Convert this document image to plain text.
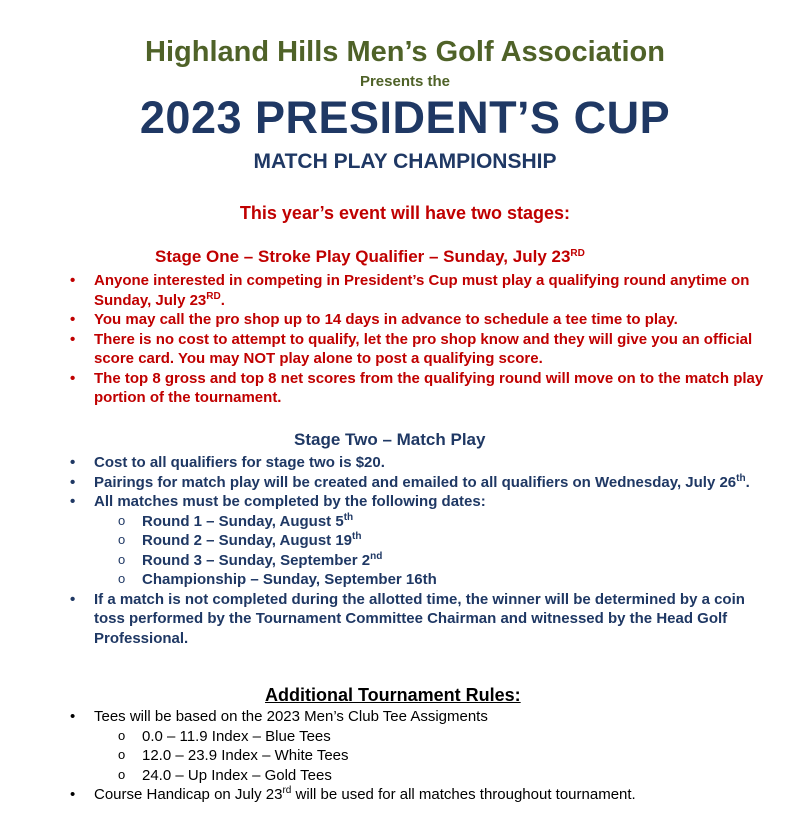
Highland Hills Men’s Golf Association

Presents the

2023 PRESIDENT’S CUP

MATCH PLAY CHAMPIONSHIP

This year’s event will have two stages:

Stage One – Stroke Play Qualifier – Sunday, July 23RD

• Anyone interested in competing in President’s Cup must play a qualifying round anytime on Sunday, July 23RD.
• You may call the pro shop up to 14 days in advance to schedule a tee time to play.
• There is no cost to attempt to qualify, let the pro shop know and they will give you an official score card. You may NOT play alone to post a qualifying score.
• The top 8 gross and top 8 net scores from the qualifying round will move on to the match play portion of the tournament.

Stage Two – Match Play

• Cost to all qualifiers for stage two is $20.
• Pairings for match play will be created and emailed to all qualifiers on Wednesday, July 26th.
• All matches must be completed by the following dates:
o Round 1 – Sunday, August 5th
o Round 2 – Sunday, August 19th
o Round 3 – Sunday, September 2nd
o Championship – Sunday, September 16th
• If a match is not completed during the allotted time, the winner will be determined by a coin toss performed by the Tournament Committee Chairman and witnessed by the Head Golf Professional.

Additional Tournament Rules:

• Tees will be based on the 2023 Men’s Club Tee Assigments
o 0.0 – 11.9 Index – Blue Tees
o 12.0 – 23.9 Index – White Tees
o 24.0 – Up Index – Gold Tees
• Course Handicap on July 23rd will be used for all matches throughout tournament.
